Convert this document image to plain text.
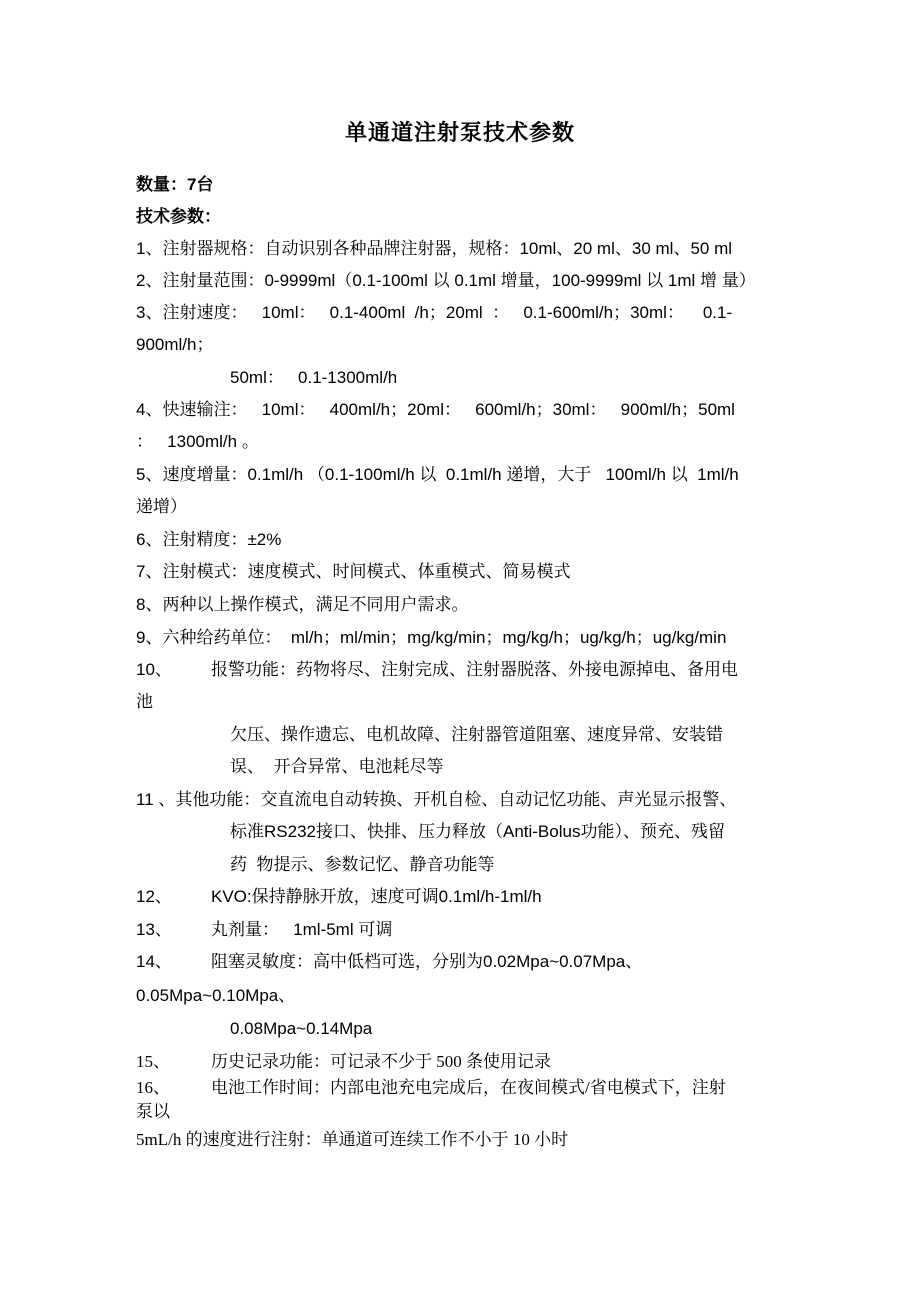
单通道注射泵技术参数
数量：7台
技术参数：
1、注射器规格：自动识别各种品牌注射器，规格：10ml、20 ml、30 ml、50 ml
2、注射量范围：0-9999ml（0.1-100ml 以 0.1ml 增量，100-9999ml 以 1ml 增 量）
3、注射速度：   10ml：   0.1-400ml  /h；20ml  ：   0.1-600ml/h；30ml：    0.1-
900ml/h；
50ml：   0.1-1300ml/h
4、快速输注：   10ml：   400ml/h；20ml：   600ml/h；30ml：   900ml/h；50ml
：   1300ml/h 。
5、速度增量：0.1ml/h （0.1-100ml/h 以  0.1ml/h 递增，大于   100ml/h 以  1ml/h
递增）
6、注射精度：±2%
7、注射模式：速度模式、时间模式、体重模式、简易模式
8、两种以上操作模式，满足不同用户需求。
9、六种给药单位：  ml/h；ml/min；mg/kg/min；mg/kg/h；ug/kg/h；ug/kg/min
10、 报警功能：药物将尽、注射完成、注射器脱落、外接电源掉电、备用电
池
欠压、操作遗忘、电机故障、注射器管道阻塞、速度异常、安装错
误、  开合异常、电池耗尽等
11 、其他功能：交直流电自动转换、开机自检、自动记忆功能、声光显示报警、
标准RS232接口、快排、压力释放（Anti-Bolus功能）、预充、残留
药  物提示、参数记忆、静音功能等
12、 KVO:保持静脉开放，速度可调0.1ml/h-1ml/h
13、 丸剂量：   1ml-5ml 可调
14、 阻塞灵敏度：高中低档可选，分别为0.02Mpa~0.07Mpa、
0.05Mpa~0.10Mpa、
0.08Mpa~0.14Mpa
15、 历史记录功能：可记录不少于 500 条使用记录
16、 电池工作时间：内部电池充电完成后，在夜间模式/省电模式下，注射
泵以
5mL/h 的速度进行注射：单通道可连续工作不小于 10 小时
